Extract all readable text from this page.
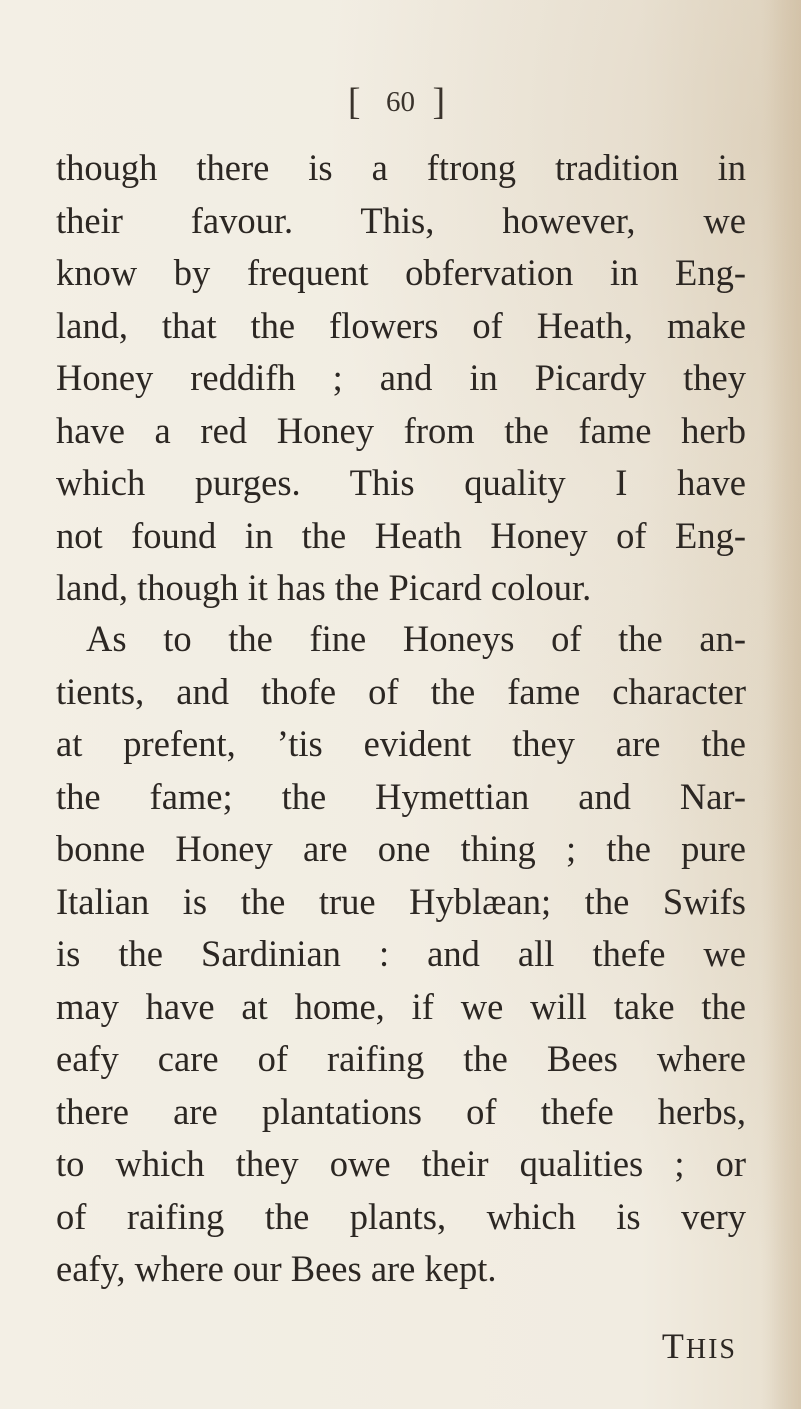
[ 60 ]
though there is a ftrong tradition in
their favour. This, however, we
know by frequent obfervation in Eng-
land, that the flowers of Heath, make
Honey reddifh ; and in Picardy they
have a red Honey from the fame herb
which purges. This quality I have
not found in the Heath Honey of Eng-
land, though it has the Picard colour.
As to the fine Honeys of the an-
tients, and thofe of the fame character
at prefent, ’tis evident they are the
the fame; the Hymettian and Nar-
bonne Honey are one thing ; the pure
Italian is the true Hyblæan; the Swifs
is the Sardinian : and all thefe we
may have at home, if we will take the
eafy care of raifing the Bees where
there are plantations of thefe herbs,
to which they owe their qualities ; or
of raifing the plants, which is very
eafy, where our Bees are kept.
THIS
